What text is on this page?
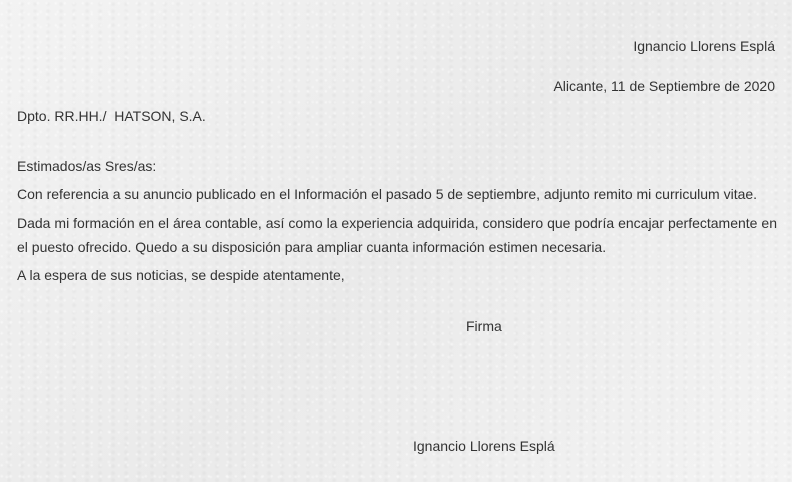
Ignancio Llorens Esplá
Alicante, 11 de Septiembre de 2020
Dpto. RR.HH./  HATSON, S.A.
Estimados/as Sres/as:
Con referencia a su anuncio publicado en el Información el pasado 5 de septiembre, adjunto remito mi curriculum vitae.
Dada mi formación en el área contable, así como la experiencia adquirida, considero que podría encajar perfectamente en el puesto ofrecido. Quedo a su disposición para ampliar cuanta información estimen necesaria.
A la espera de sus noticias, se despide atentamente,
Firma
Ignancio Llorens Esplá
